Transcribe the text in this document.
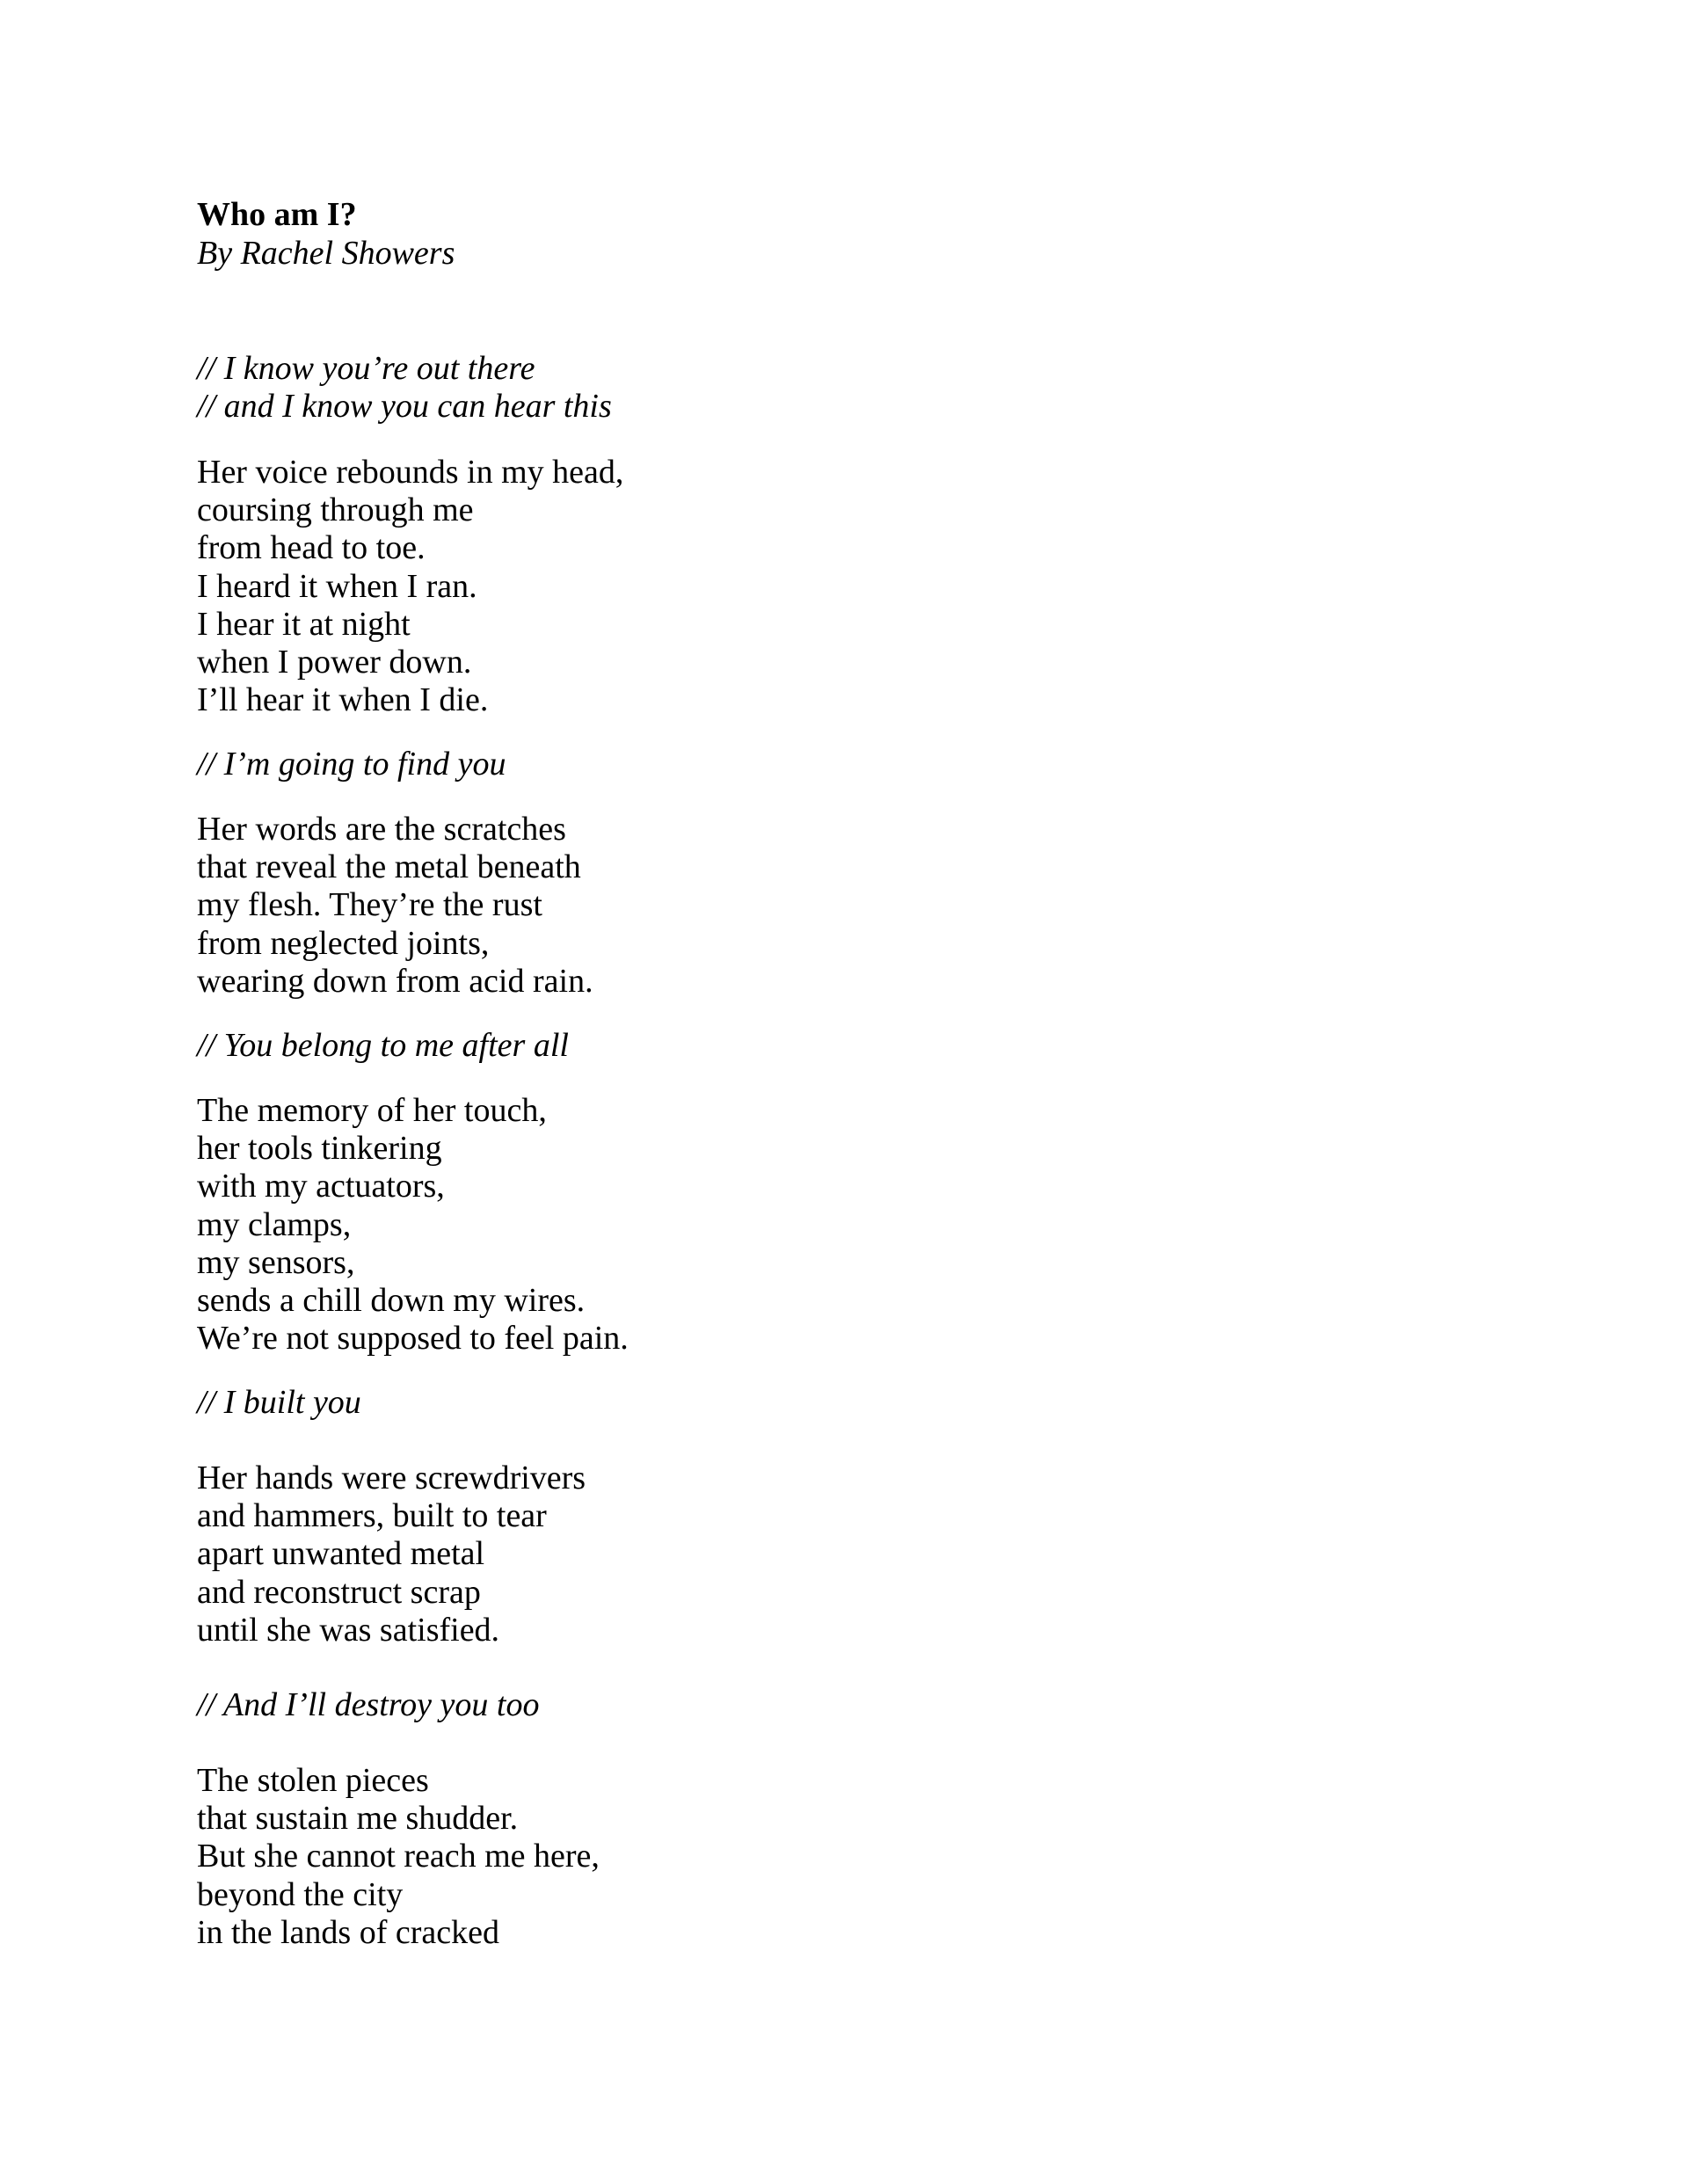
Who am I?
By Rachel Showers
// I know you’re out there
// and I know you can hear this
Her voice rebounds in my head,
coursing through me
from head to toe.
I heard it when I ran.
I hear it at night
when I power down.
I’ll hear it when I die.
// I’m going to find you
Her words are the scratches
that reveal the metal beneath
my flesh. They’re the rust
from neglected joints,
wearing down from acid rain.
// You belong to me after all
The memory of her touch,
her tools tinkering
with my actuators,
my clamps,
my sensors,
sends a chill down my wires.
We’re not supposed to feel pain.
// I built you
Her hands were screwdrivers
and hammers, built to tear
apart unwanted metal
and reconstruct scrap
until she was satisfied.
// And I’ll destroy you too
The stolen pieces
that sustain me shudder.
But she cannot reach me here,
beyond the city
in the lands of cracked
